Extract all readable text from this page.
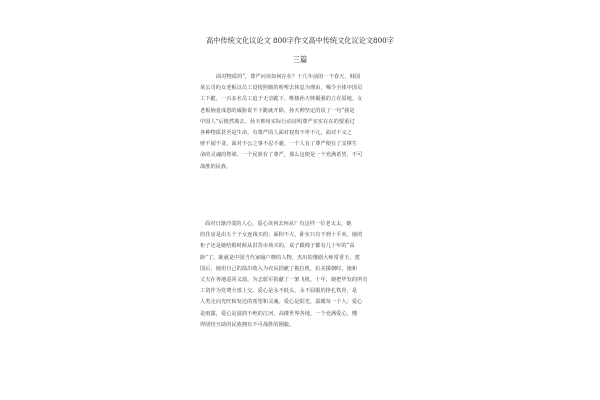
高中传统文化议论文 800字作文高中传统文化议论文800字
三篇
面对物质的“，尊严问该如何存在？十几年前的一个春天，韩国
某公司的女老板以员工没按照她的吩咐去休息为理由，喝令全体中国员
工下跪。一百多名员工迫于无奈跪下，唯独孙天帅倔强的立在原地。女
老板恼羞成怒的威胁说不下跪就开除，孙天帅坚定的说了一句“我是
中国人”后愤然离去。孙天帅用实际行动证明尊严实实在在的要重过
各种物质甚至是生命。有尊严的人面对权贵不卑不亢，面对不义之
财不闻不贪，面对不公之事不忍不避。一个人有了尊严便有了支撑生
命的灵魂的脊梁。一个民族有了尊严，那么这便是一个充满希望，不可
战胜的民族。
面对日渐冷漠的人心，爱心该何去何从？有这样一位老太太，她
的住房是由五个子女连钱买的；面积不大，卧室只有不到十平米，她的
柜子还是她结婚时候从旧货市场买的。桌子跟椅子都有几十年的“高
龄”了。她就是中国当代家喻户晓的人物，杰出的豫剧大师常香玉。建
国后，她用自己的演出收入为农民捐献了拖拉机，抗美援朝时，她和
丈夫在各地巡回义演，为志愿军捐献了一架飞机，十年，她把毕发的所有
工资作为党费全部上交。爱心是永不低头，永不屈服的挣扎铁骨，是
人类走向光旺和发达的希望和灵魂。爱心是阳光，温暖每一个人；爱心
是雨露，爱心是滋润不绝的江河，高楼世界各地，一个充满爱心，懂
得团结互助的民族拥有不可战胜的刚毅。
